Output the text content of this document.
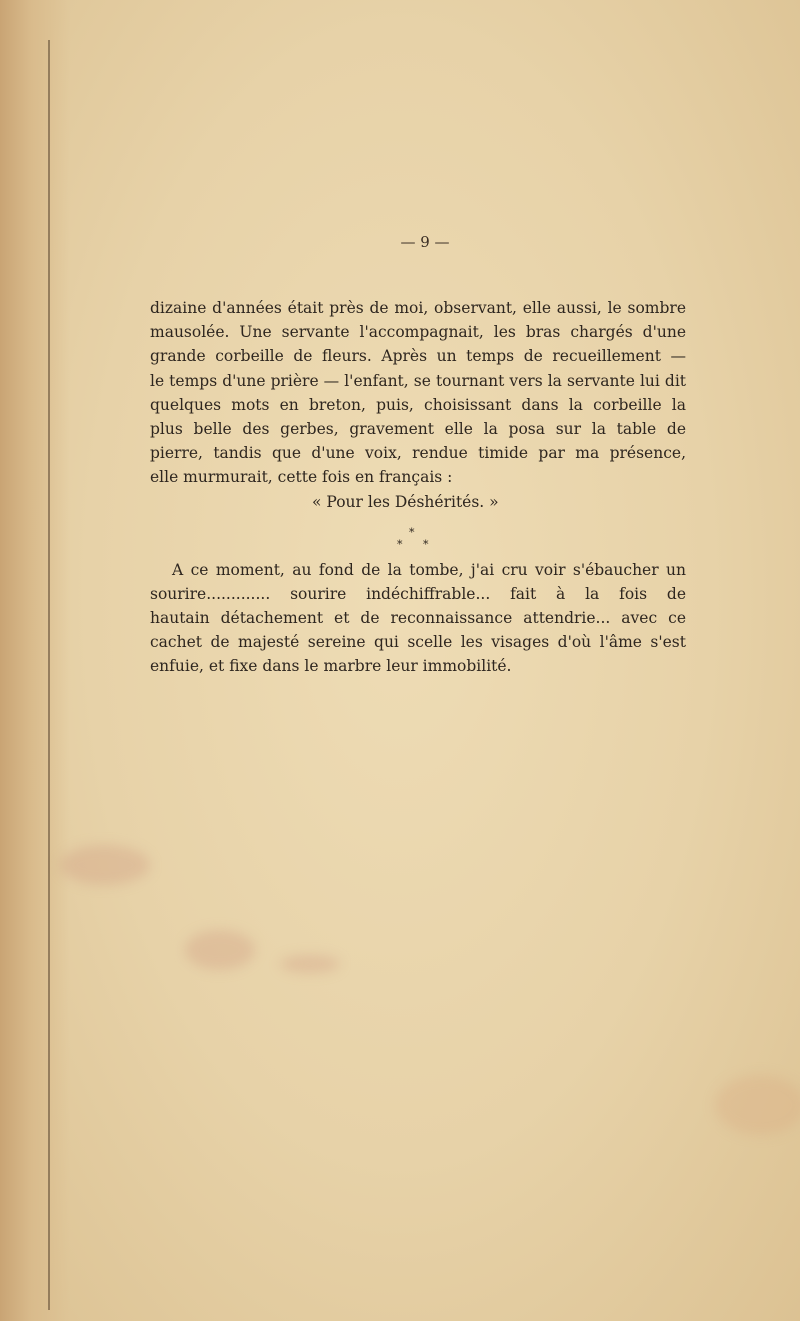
— 9 —
dizaine d'années était près de moi, observant, elle aussi, le sombre
mausolée. Une servante l'accompagnait, les bras chargés d'une
grande corbeille de fleurs. Après un temps de recueillement —
le temps d'une prière — l'enfant, se tournant vers la servante lui dit
quelques mots en breton, puis, choisissant dans la corbeille la
plus belle des gerbes, gravement elle la posa sur la table de
pierre, tandis que d'une voix, rendue timide par ma présence,
elle murmurait, cette fois en français :
« Pour les Déshérités. »
*
* *
A ce moment, au fond de la tombe, j'ai cru voir s'ébaucher un
sourire............. sourire indéchiffrable... fait à la fois de
hautain détachement et de reconnaissance attendrie... avec ce
cachet de majesté sereine qui scelle les visages d'où l'âme s'est
enfuie, et fixe dans le marbre leur immobilité.
